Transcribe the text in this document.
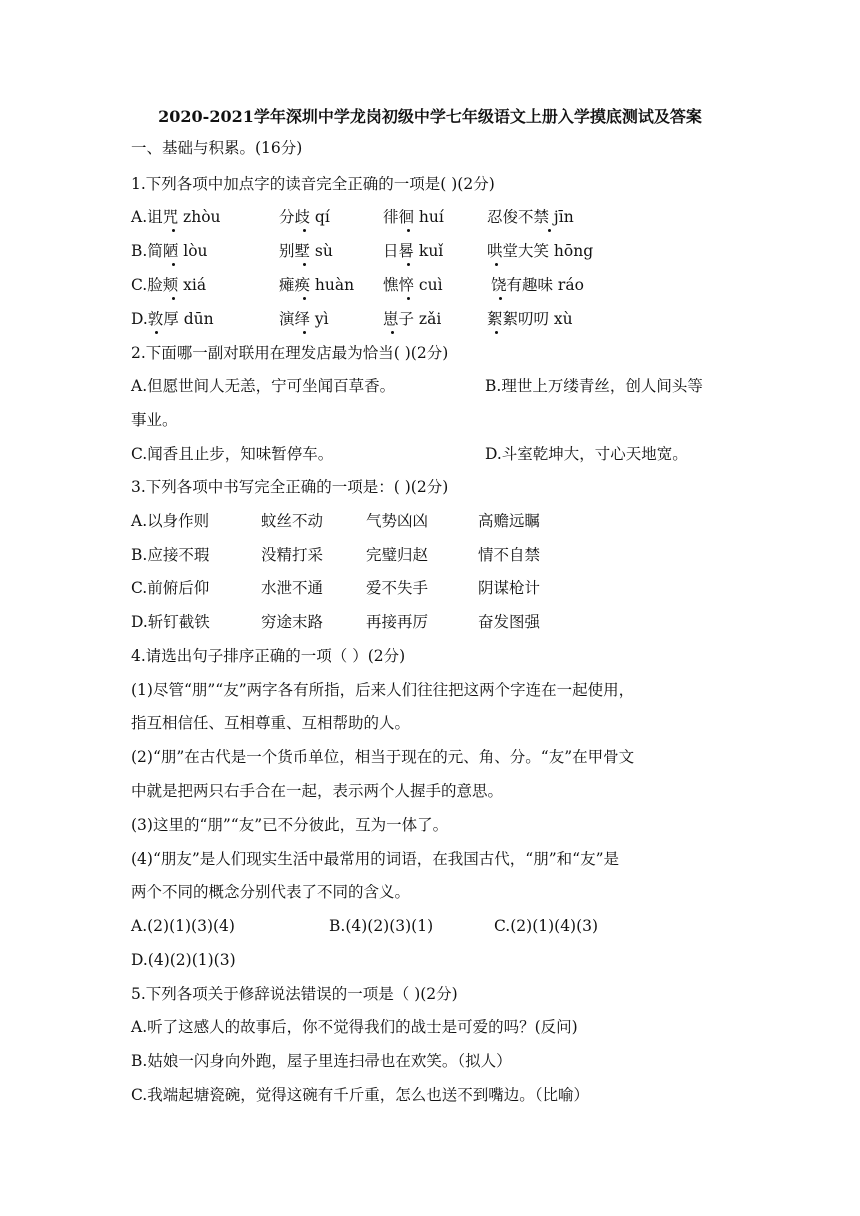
2020-2021学年深圳中学龙岗初级中学七年级语文上册入学摸底测试及答案
一、基础与积累。(16分)
1.下列各项中加点字的读音完全正确的一项是( )(2分)
A.诅咒 zhòu	分歧 qí	徘徊 huí	忍俊不禁 jīn
B.简陋 lòu	别墅 sù	日晷 kuǐ	哄堂大笑 hōng
C.脸颊 xiá	瘫痪 huàn 憔悴 cuì	饶有趣味 ráo
D.敦厚 dūn	演绎 yì	崽子 zǎi	絮絮叨叨 xù
2.下面哪一副对联用在理发店最为恰当( )(2分)
A.但愿世间人无恙，宁可坐闻百草香。	B.理世上万缕青丝，创人间头等
事业。
C.闻香且止步，知味暂停车。	D.斗室乾坤大，寸心天地宽。
3.下列各项中书写完全正确的一项是：( )(2分)
A.以身作则	蚊丝不动	气势凶凶	高赡远瞩
B.应接不瑕	没精打采	完璧归赵	情不自禁
C.前俯后仰	水泄不通	爱不失手	阴谋枪计
D.斩钉截铁	穷途末路	再接再厉	奋发图强
4.请选出句子排序正确的一项（ ）(2分)
(1)尽管“朋”“友”两字各有所指，后来人们往往把这两个字连在一起使用，
指互相信任、互相尊重、互相帮助的人。
(2)“朋”在古代是一个货币单位，相当于现在的元、角、分。“友”在甲骨文
中就是把两只右手合在一起，表示两个人握手的意思。
(3)这里的“朋”“友”已不分彼此，互为一体了。
(4)“朋友”是人们现实生活中最常用的词语，在我国古代，“朋”和“友”是
两个不同的概念分别代表了不同的含义。
A.(2)(1)(3)(4)	B.(4)(2)(3)(1)	C.(2)(1)(4)(3)
D.(4)(2)(1)(3)
5.下列各项关于修辞说法错误的一项是（ )(2分)
A.听了这感人的故事后，你不觉得我们的战士是可爱的吗？(反问)
B.姑娘一闪身向外跑，屋子里连扫帚也在欢笑。（拟人）
C.我端起塘瓷碗，觉得这碗有千斤重，怎么也送不到嘴边。（比喻）
